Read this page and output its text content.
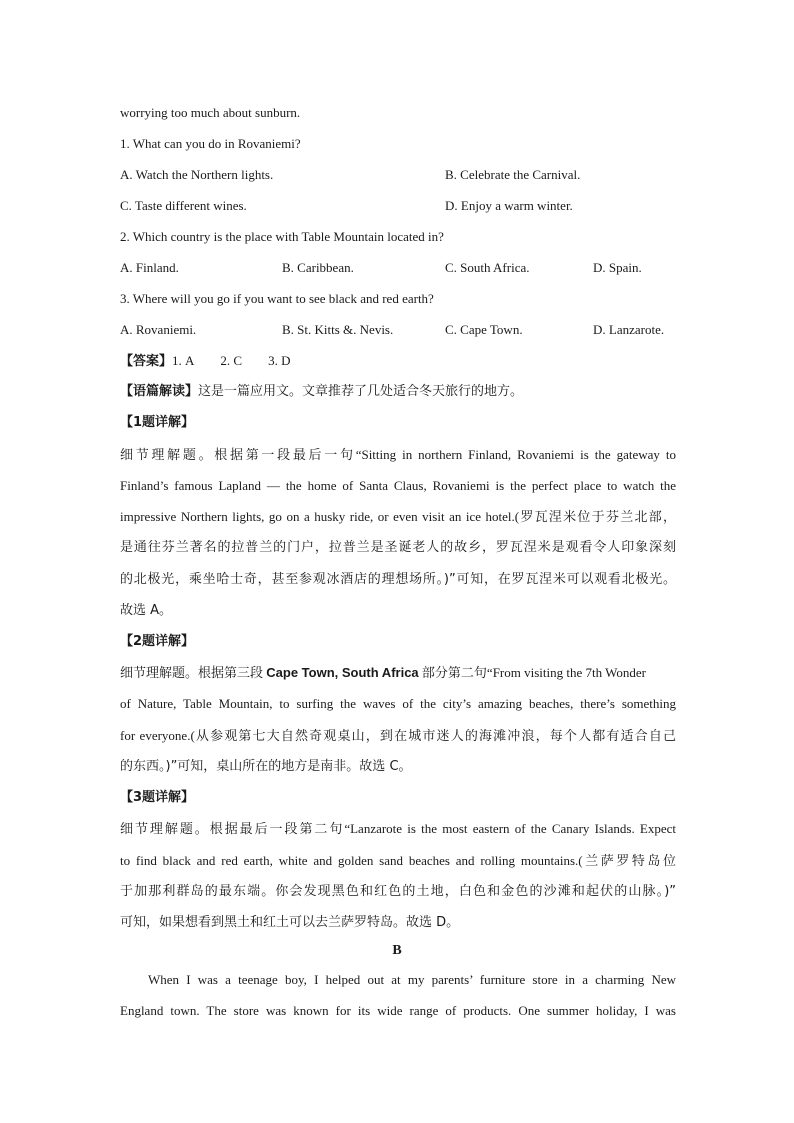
worrying too much about sunburn.
1. What can you do in Rovaniemi?
A. Watch the Northern lights.	B. Celebrate the Carnival.
C. Taste different wines.	D. Enjoy a warm winter.
2. Which country is the place with Table Mountain located in?
A. Finland.	B. Caribbean.	C. South Africa.	D. Spain.
3. Where will you go if you want to see black and red earth?
A. Rovaniemi.	B. St. Kitts &. Nevis.	C. Cape Town.	D. Lanzarote.
【答案】1. A 2. C 3. D
【语篇解读】这是一篇应用文。文章推荐了几处适合冬天旅行的地方。
【1题详解】
细节理解题。根据第一段最后一句“Sitting in northern Finland, Rovaniemi is the gateway to
Finland’s famous Lapland — the home of Santa Claus, Rovaniemi is the perfect place to watch the
impressive Northern lights, go on a husky ride, or even visit an ice hotel.(罗瓦涅米位于芬兰北部，
是通往芬兰著名的拉普兰的门户，拉普兰是圣诞老人的故乡，罗瓦涅米是观看令人印象深刻
的北极光，乘坐哈士奇，甚至参观冰酒店的理想场所。)”可知，在罗瓦涅米可以观看北极光。
故选 A。
【2题详解】
细节理解题。根据第三段 Cape Town, South Africa 部分第二句“From visiting the 7th Wonder
of Nature, Table Mountain, to surfing the waves of the city’s amazing beaches, there’s something
for everyone.(从参观第七大自然奇观桌山，到在城市迷人的海滩冲浪，每个人都有适合自己
的东西。)”可知，桌山所在的地方是南非。故选 C。
【3题详解】
细节理解题。根据最后一段第二句“Lanzarote is the most eastern of the Canary Islands. Expect
to find black and red earth, white and golden sand beaches and rolling mountains.(兰萨罗特岛位
于加那利群岛的最东端。你会发现黑色和红色的土地，白色和金色的沙滩和起伏的山脉。)”
可知，如果想看到黑土和红土可以去兰萨罗特岛。故选 D。
B
When I was a teenage boy, I helped out at my parents’ furniture store in a charming New
England town. The store was known for its wide range of products. One summer holiday, I was
